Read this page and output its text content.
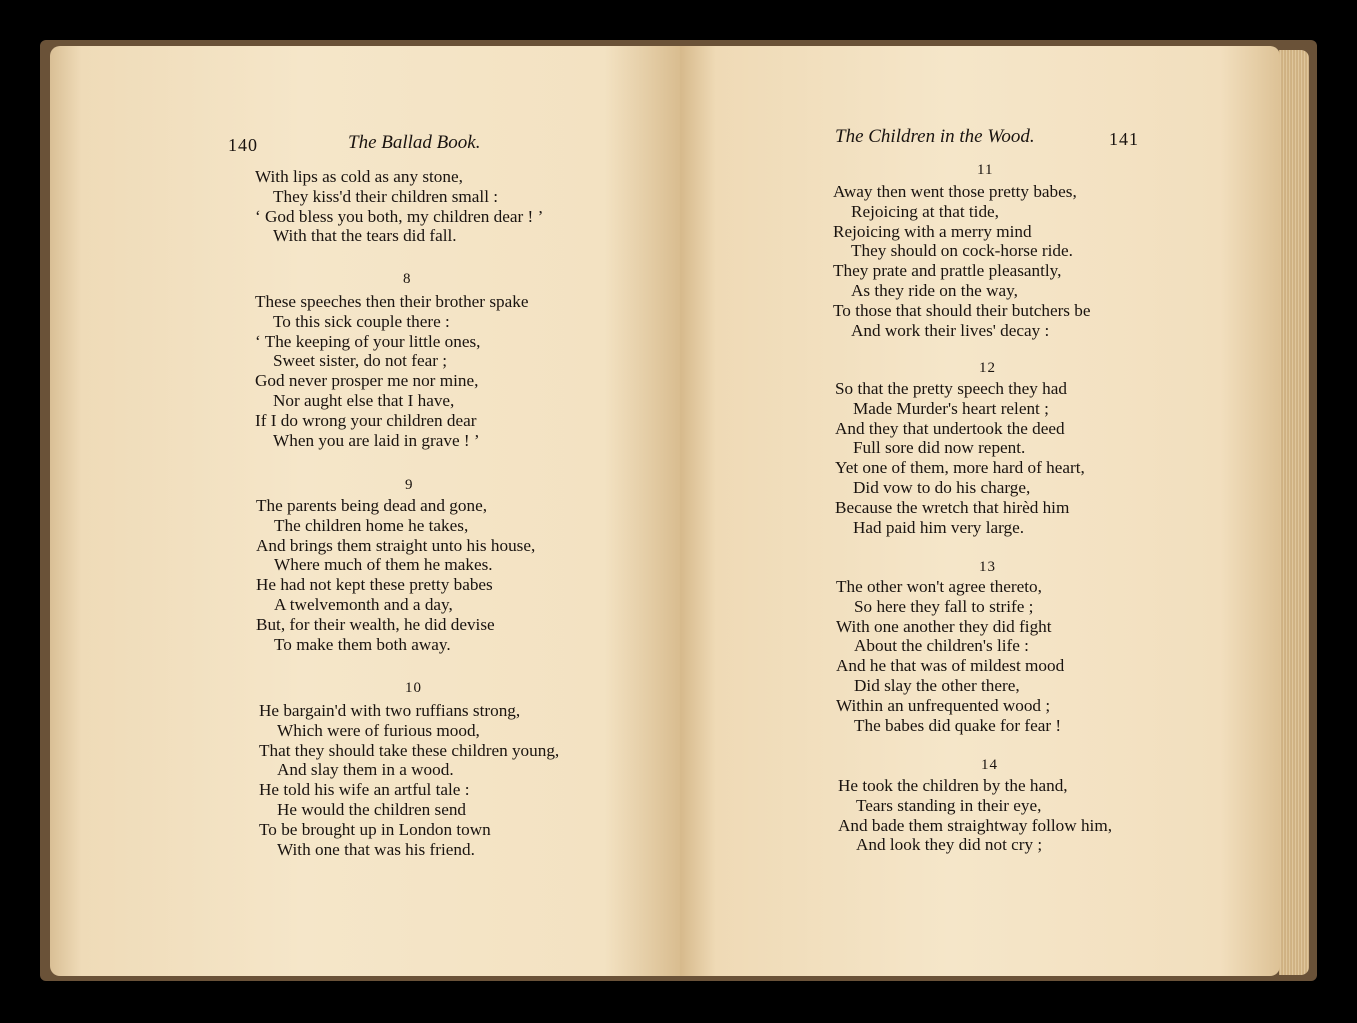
140	The Ballad Book.
With lips as cold as any stone,
They kiss'd their children small :
‘ God bless you both, my children dear ! ’
With that the tears did fall.
8
These speeches then their brother spake
To this sick couple there :
‘ The keeping of your little ones,
Sweet sister, do not fear ;
God never prosper me nor mine,
Nor aught else that I have,
If I do wrong your children dear
When you are laid in grave ! ’
9
The parents being dead and gone,
The children home he takes,
And brings them straight unto his house,
Where much of them he makes.
He had not kept these pretty babes
A twelvemonth and a day,
But, for their wealth, he did devise
To make them both away.
10
He bargain'd with two ruffians strong,
Which were of furious mood,
That they should take these children young,
And slay them in a wood.
He told his wife an artful tale :
He would the children send
To be brought up in London town
With one that was his friend.
The Children in the Wood.	141
11
Away then went those pretty babes,
Rejoicing at that tide,
Rejoicing with a merry mind
They should on cock-horse ride.
They prate and prattle pleasantly,
As they ride on the way,
To those that should their butchers be
And work their lives' decay :
12
So that the pretty speech they had
Made Murder's heart relent ;
And they that undertook the deed
Full sore did now repent.
Yet one of them, more hard of heart,
Did vow to do his charge,
Because the wretch that hirèd him
Had paid him very large.
13
The other won't agree thereto,
So here they fall to strife ;
With one another they did fight
About the children's life :
And he that was of mildest mood
Did slay the other there,
Within an unfrequented wood ;
The babes did quake for fear !
14
He took the children by the hand,
Tears standing in their eye,
And bade them straightway follow him,
And look they did not cry ;
